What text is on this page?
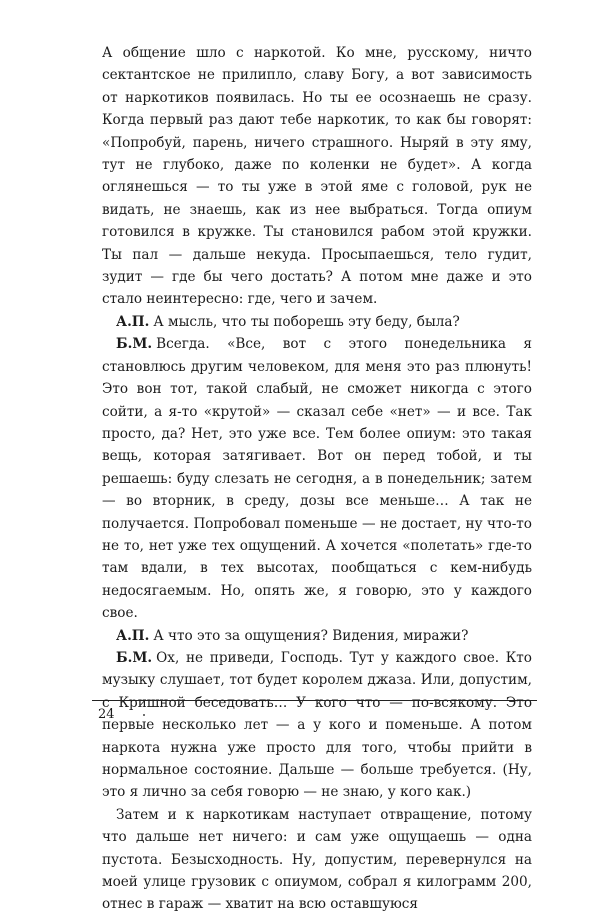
А общение шло с наркотой. Ко мне, русскому, ничто сектантское не прилипло, славу Богу, а вот зависимость от наркотиков появилась. Но ты ее осознаешь не сразу. Когда первый раз дают тебе наркотик, то как бы говорят: «Попробуй, парень, ничего страшного. Ныряй в эту яму, тут не глубоко, даже по коленки не будет». А когда оглянешься — то ты уже в этой яме с головой, рук не видать, не знаешь, как из нее выбраться. Тогда опиум готовился в кружке. Ты становился рабом этой кружки. Ты пал — дальше некуда. Просыпаешься, тело гудит, зудит — где бы чего достать? А потом мне даже и это стало неинтересно: где, чего и зачем.

А.П. А мысль, что ты поборешь эту беду, была?

Б.М. Всегда. «Все, вот с этого понедельника я становлюсь другим человеком, для меня это раз плюнуть! Это вон тот, такой слабый, не сможет никогда с этого сойти, а я-то «крутой» — сказал себе «нет» — и все. Так просто, да? Нет, это уже все. Тем более опиум: это такая вещь, которая затягивает. Вот он перед тобой, и ты решаешь: буду слезать не сегодня, а в понедельник; затем — во вторник, в среду, дозы все меньше… А так не получается. Попробовал поменьше — не достает, ну что-то не то, нет уже тех ощущений. А хочется «полетать» где-то там вдали, в тех высотах, пообщаться с кем-нибудь недосягаемым. Но, опять же, я говорю, это у каждого свое.

А.П. А что это за ощущения? Видения, миражи?

Б.М. Ох, не приведи, Господь. Тут у каждого свое. Кто музыку слушает, тот будет королем джаза. Или, допустим, с Кришной беседовать… У кого что — по-всякому. Это первые несколько лет — а у кого и поменьше. А потом наркота нужна уже просто для того, чтобы прийти в нормальное состояние. Дальше — больше требуется. (Ну, это я лично за себя говорю — не знаю, у кого как.)

Затем и к наркотикам наступает отвращение, потому что дальше нет ничего: и сам уже ощущаешь — одна пустота. Безысходность. Ну, допустим, перевернулся на моей улице грузовик с опиумом, собрал я килограмм 200, отнес в гараж — хватит на всю оставшуюся

24
